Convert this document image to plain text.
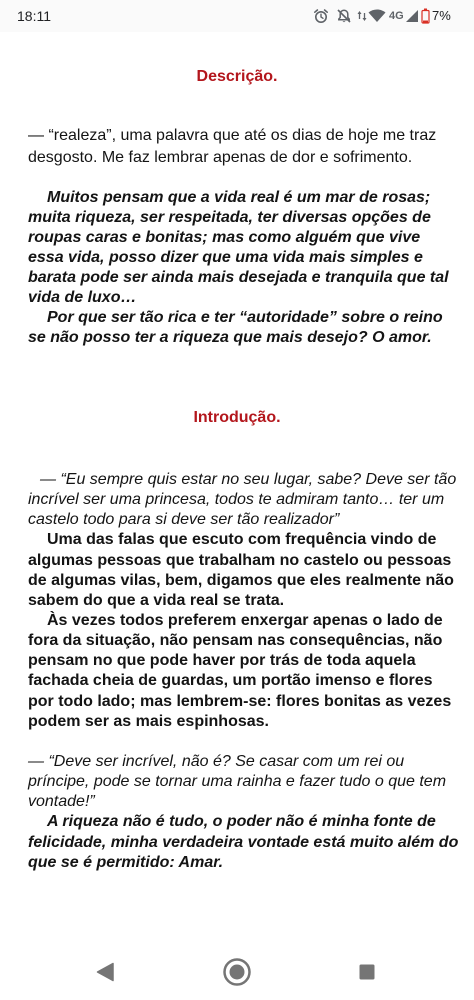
18:11	4G 7%
Descrição.
— “realeza”, uma palavra que até os dias de hoje me traz
desgosto. Me faz lembrar apenas de dor e sofrimento.
Muitos pensam que a vida real é um mar de rosas;
muita riqueza, ser respeitada, ter diversas opções de
roupas caras e bonitas; mas como alguém que vive
essa vida, posso dizer que uma vida mais simples e
barata pode ser ainda mais desejada e tranquila que tal
vida de luxo…
Por que ser tão rica e ter “autoridade” sobre o reino
se não posso ter a riqueza que mais desejo? O amor.
Introdução.
— “Eu sempre quis estar no seu lugar, sabe? Deve ser tão
incrível ser uma princesa, todos te admiram tanto… ter um
castelo todo para si deve ser tão realizador”
Uma das falas que escuto com frequência vindo de
algumas pessoas que trabalham no castelo ou pessoas
de algumas vilas, bem, digamos que eles realmente não
sabem do que a vida real se trata.
Às vezes todos preferem enxergar apenas o lado de
fora da situação, não pensam nas consequências, não
pensam no que pode haver por trás de toda aquela
fachada cheia de guardas, um portão imenso e flores
por todo lado; mas lembrem-se: flores bonitas as vezes
podem ser as mais espinhosas.
— “Deve ser incrível, não é? Se casar com um rei ou
príncipe, pode se tornar uma rainha e fazer tudo o que tem
vontade!”
A riqueza não é tudo, o poder não é minha fonte de
felicidade, minha verdadeira vontade está muito além do
que se é permitido: Amar.
